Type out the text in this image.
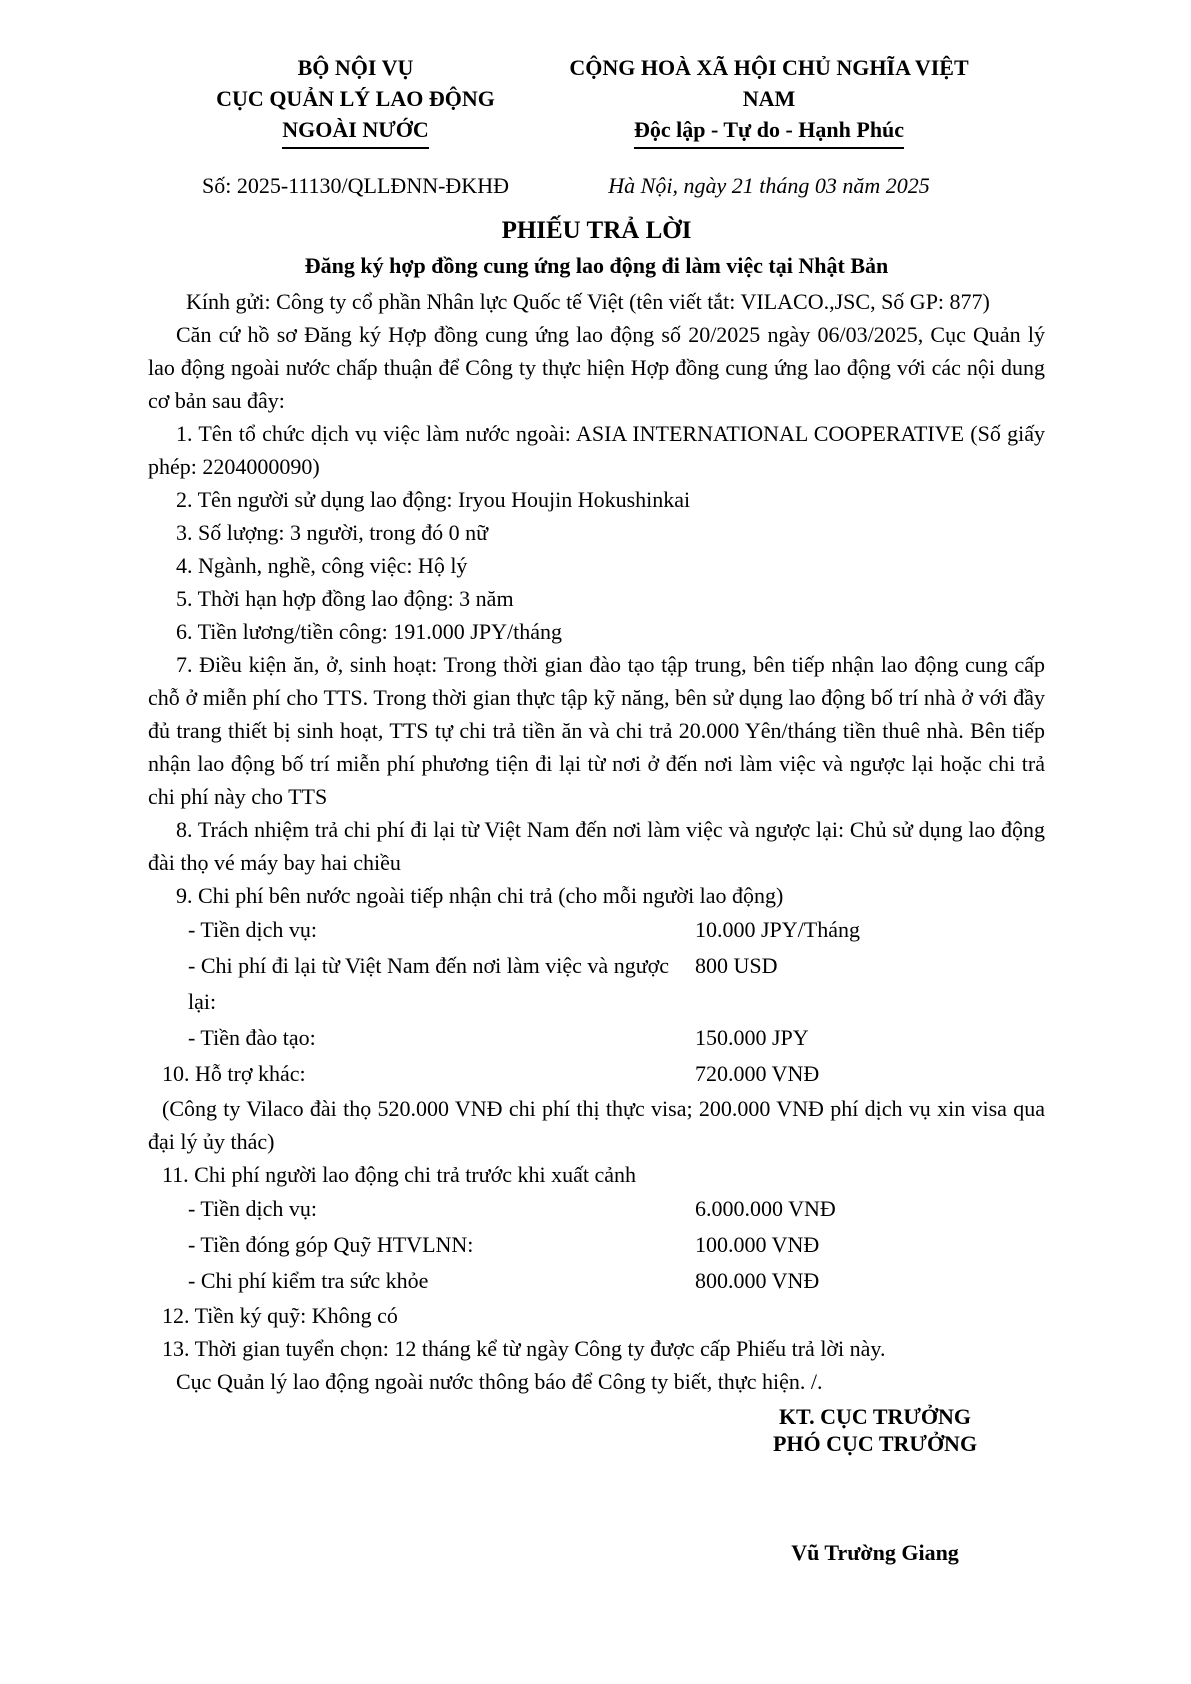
BỘ NỘI VỤ
CỤC QUẢN LÝ LAO ĐỘNG
NGOÀI NƯỚC
CỘNG HOÀ XÃ HỘI CHỦ NGHĨA VIỆT NAM
Độc lập - Tự do - Hạnh Phúc
Số: 2025-11130/QLLĐNN-ĐKHĐ	Hà Nội, ngày 21 tháng 03 năm 2025
PHIẾU TRẢ LỜI
Đăng ký hợp đồng cung ứng lao động đi làm việc tại Nhật Bản
Kính gửi: Công ty cổ phần Nhân lực Quốc tế Việt (tên viết tắt: VILACO.,JSC, Số GP: 877)

Căn cứ hồ sơ Đăng ký Hợp đồng cung ứng lao động số 20/2025 ngày 06/03/2025, Cục Quản lý lao động ngoài nước chấp thuận để Công ty thực hiện Hợp đồng cung ứng lao động với các nội dung cơ bản sau đây:

1. Tên tổ chức dịch vụ việc làm nước ngoài: ASIA INTERNATIONAL COOPERATIVE (Số giấy phép: 2204000090)

2. Tên người sử dụng lao động: Iryou Houjin Hokushinkai

3. Số lượng: 3 người, trong đó 0 nữ

4. Ngành, nghề, công việc: Hộ lý

5. Thời hạn hợp đồng lao động: 3 năm

6. Tiền lương/tiền công: 191.000 JPY/tháng

7. Điều kiện ăn, ở, sinh hoạt: Trong thời gian đào tạo tập trung, bên tiếp nhận lao động cung cấp chỗ ở miễn phí cho TTS. Trong thời gian thực tập kỹ năng, bên sử dụng lao động bố trí nhà ở với đầy đủ trang thiết bị sinh hoạt, TTS tự chi trả tiền ăn và chi trả 20.000 Yên/tháng tiền thuê nhà. Bên tiếp nhận lao động bố trí miễn phí phương tiện đi lại từ nơi ở đến nơi làm việc và ngược lại hoặc chi trả chi phí này cho TTS

8. Trách nhiệm trả chi phí đi lại từ Việt Nam đến nơi làm việc và ngược lại: Chủ sử dụng lao động đài thọ vé máy bay hai chiều

9. Chi phí bên nước ngoài tiếp nhận chi trả (cho mỗi người lao động)

- Tiền dịch vụ:	10.000 JPY/Tháng
- Chi phí đi lại từ Việt Nam đến nơi làm việc và ngược lại:
800 USD
- Tiền đào tạo:	150.000 JPY
10. Hỗ trợ khác:	720.000 VNĐ

(Công ty Vilaco đài thọ 520.000 VNĐ chi phí thị thực visa; 200.000 VNĐ phí dịch vụ xin visa qua đại lý ủy thác)

11. Chi phí người lao động chi trả trước khi xuất cảnh

- Tiền dịch vụ:	6.000.000 VNĐ
- Tiền đóng góp Quỹ HTVLNN:	100.000 VNĐ
- Chi phí kiểm tra sức khỏe	800.000 VNĐ

12. Tiền ký quỹ: Không có

13. Thời gian tuyển chọn: 12 tháng kể từ ngày Công ty được cấp Phiếu trả lời này.

Cục Quản lý lao động ngoài nước thông báo để Công ty biết, thực hiện. /.

KT. CỤC TRƯỞNG
PHÓ CỤC TRƯỞNG
Vũ Trường Giang
